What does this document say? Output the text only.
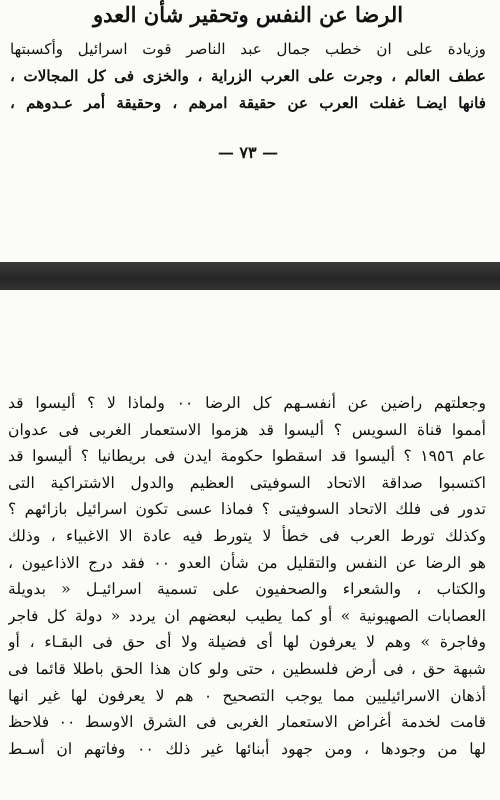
الرضا عن النفس وتحقير شأن العدو
وزيادة على ان خطب جمال عبد الناصر قوت اسرائيل وأكسبتها
عطف العالم ، وجرت على العرب الزراية ، والخزى فى كل المجالات ،
فانها ايضـا غفلت العرب عن حقيقة امرهم ، وحقيقة أمر عـدوهم ،
— ٧٣ —
وجعلتهم راضين عن أنفسـهم كل الرضا ٠٠ ولماذا لا ؟ أليسوا قد
أمموا قناة السويس ؟ أليسوا قد هزموا الاستعمار الغربى فى عدوان
عام ١٩٥٦ ؟ أليسوا قد اسقطوا حكومة ايدن فى بريطانيا ؟ أليسوا قد
اكتسبوا صداقة الاتحاد السوفيتى العظيم والدول الاشتراكية التى
تدور فى فلك الاتحاد السوفيتى ؟ فماذا عسى تكون اسرائيل بازائهم ؟
وكذلك تورط العرب فى خطأ لا يتورط فيه عادة الا الاغبياء ، وذلك
هو الرضا عن النفس والتقليل من شأن العدو ٠٠ فقد درج الاذاعيون ،
والكتاب ، والشعراء والصحفيون على تسمية اسرائيـل « بدويلة
العصابات الصهيونية » أو كما يطيب لبعضهم ان يردد « دولة كل فاجر
وفاجرة » وهم لا يعرفون لها أى فضيلة ولا أى حق فى البقـاء ، أو
شبهة حق ، فى أرض فلسطين ، حتى ولو كان هذا الحق باطلا قائما فى
أذهان الاسرائيليين مما يوجب التصحيح ٠ هم لا يعرفون لها غير انها
قامت لخدمة أغراض الاستعمار الغربى فى الشرق الاوسط ٠٠ فلاحظ
لها من وجودها ، ومن جهود أبنائها غير ذلك ٠٠ وفاتهم ان أسـط
